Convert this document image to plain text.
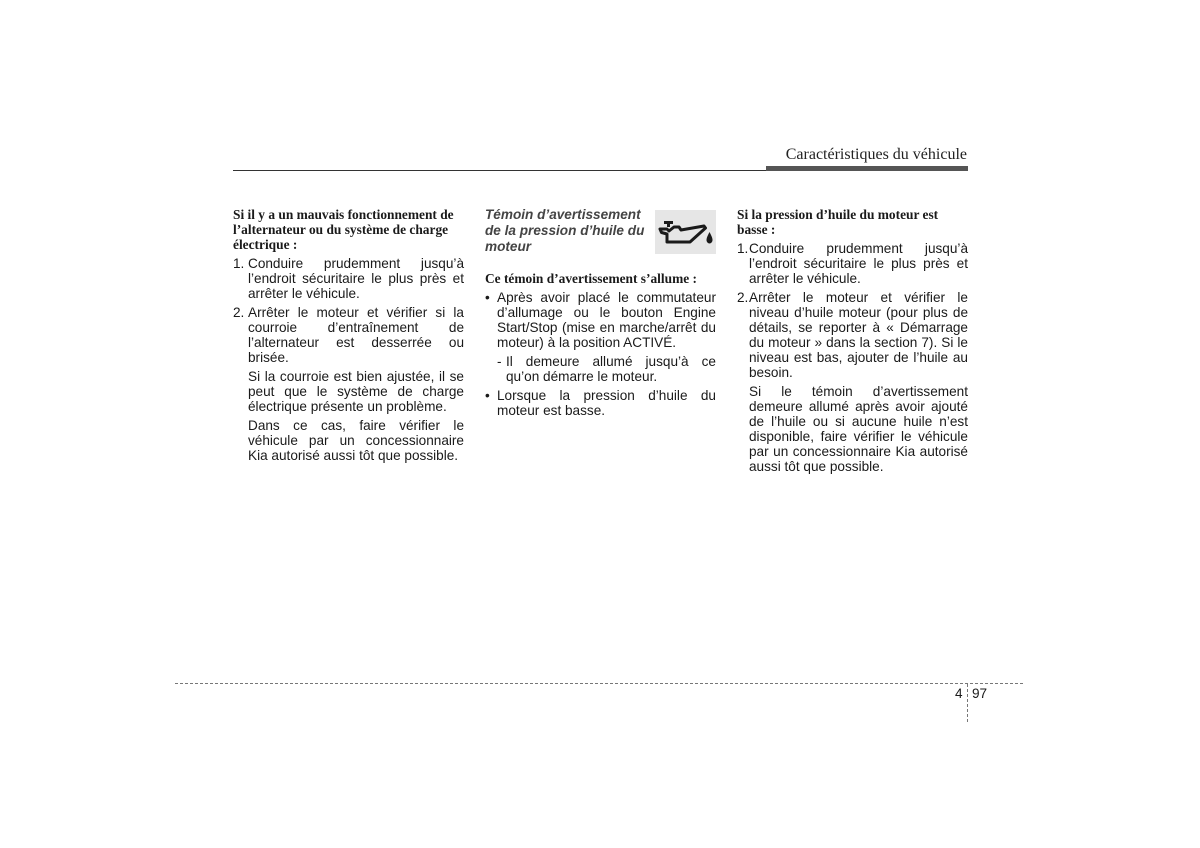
Caractéristiques du véhicule

Si il y a un mauvais fonctionnement de l’alternateur ou du système de charge électrique :

1. Conduire prudemment jusqu’à l’endroit sécuritaire le plus près et arrêter le véhicule.
2. Arrêter le moteur et vérifier si la courroie d’entraînement de l’alternateur est desserrée ou brisée.

Si la courroie est bien ajustée, il se peut que le système de charge électrique présente un problème.

Dans ce cas, faire vérifier le véhicule par un concessionnaire Kia autorisé aussi tôt que possible.

Témoin d’avertissement de la pression d’huile du moteur

Ce témoin d’avertissement s’allume :

• Après avoir placé le commutateur d’allumage ou le bouton Engine Start/Stop (mise en marche/arrêt du moteur) à la position ACTIVÉ.
- Il demeure allumé jusqu’à ce qu’on démarre le moteur.
• Lorsque la pression d’huile du moteur est basse.

Si la pression d’huile du moteur est basse :

1. Conduire prudemment jusqu’à l’endroit sécuritaire le plus près et arrêter le véhicule.
2. Arrêter le moteur et vérifier le niveau d’huile moteur (pour plus de détails, se reporter à « Démarrage du moteur » dans la section 7). Si le niveau est bas, ajouter de l’huile au besoin.

Si le témoin d’avertissement demeure allumé après avoir ajouté de l’huile ou si aucune huile n’est disponible, faire vérifier le véhicule par un concessionnaire Kia autorisé aussi tôt que possible.

4 97
